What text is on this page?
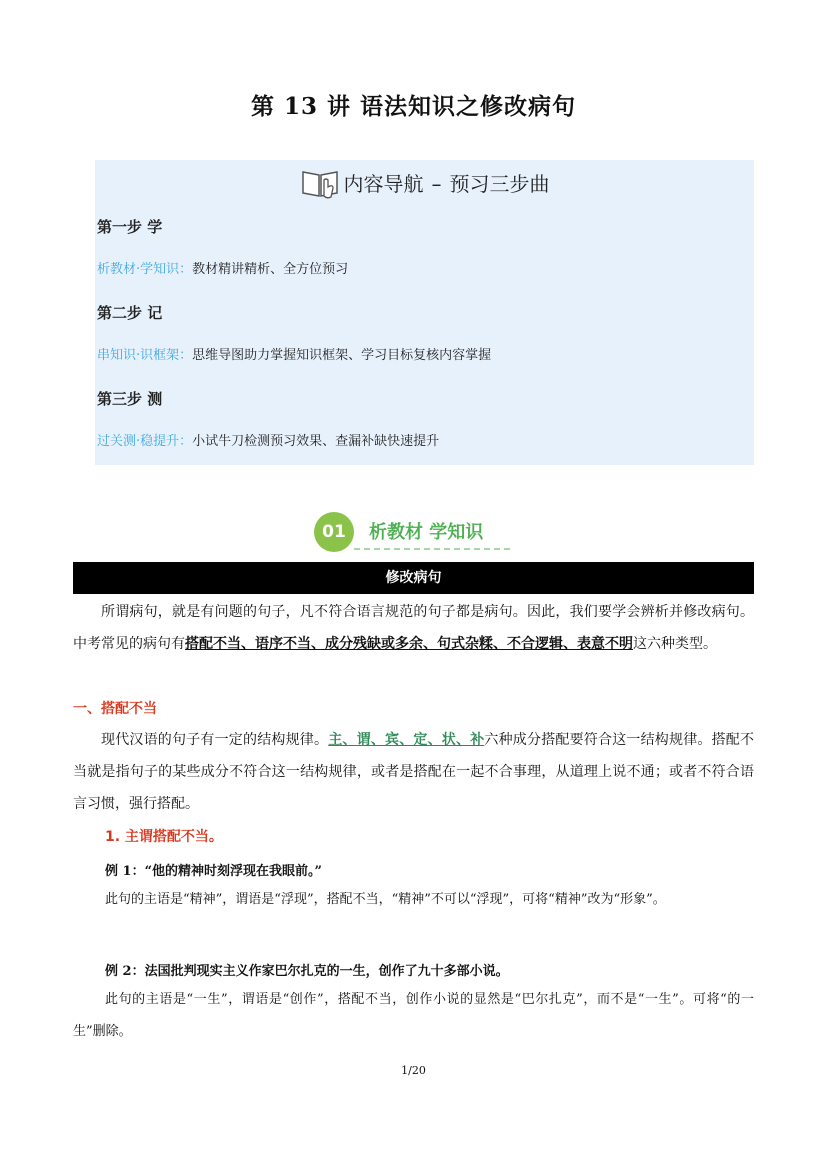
第 13 讲 语法知识之修改病句
内容导航 – 预习三步曲
第一步 学
析教材·学知识：教材精讲精析、全方位预习
第二步 记
串知识·识框架：思维导图助力掌握知识框架、学习目标复核内容掌握
第三步 测
过关测·稳提升：小试牛刀检测预习效果、查漏补缺快速提升
01	析教材 学知识
修改病句
所谓病句，就是有问题的句子，凡不符合语言规范的句子都是病句。因此，我们要学会辨析并修改病句。中考常见的病句有搭配不当、语序不当、成分残缺或多余、句式杂糅、不合逻辑、表意不明这六种类型。
一、搭配不当
现代汉语的句子有一定的结构规律。主、谓、宾、定、状、补六种成分搭配要符合这一结构规律。搭配不当就是指句子的某些成分不符合这一结构规律，或者是搭配在一起不合事理，从道理上说不通；或者不符合语言习惯，强行搭配。
1. 主谓搭配不当。
例 1：“他的精神时刻浮现在我眼前。”
此句的主语是“精神”，谓语是“浮现”，搭配不当，“精神”不可以“浮现”，可将“精神”改为“形象”。
例 2：法国批判现实主义作家巴尔扎克的一生，创作了九十多部小说。
此句的主语是“一生”，谓语是“创作”，搭配不当，创作小说的显然是“巴尔扎克”，而不是“一生”。可将“的一生”删除。
1/20
